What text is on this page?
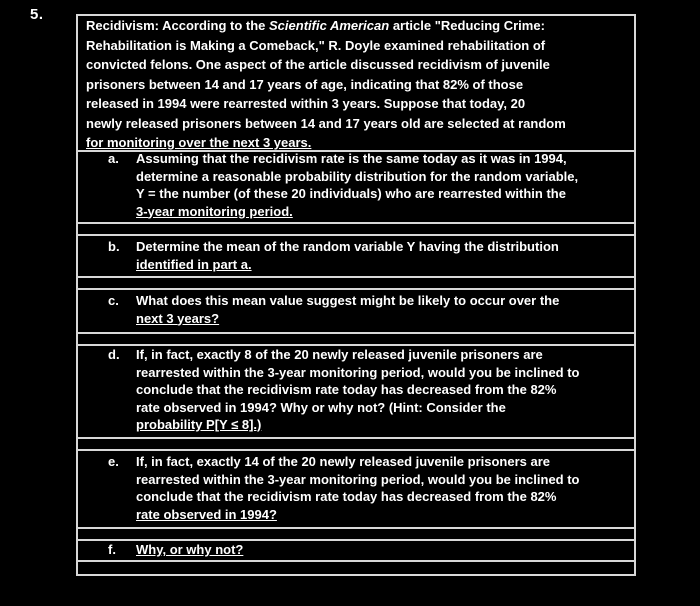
5.
Recidivism: According to the Scientific American article "Reducing Crime:
Rehabilitation is Making a Comeback," R. Doyle examined rehabilitation of
convicted felons. One aspect of the article discussed recidivism of juvenile
prisoners between 14 and 17 years of age, indicating that 82% of those
released in 1994 were rearrested within 3 years. Suppose that today, 20
newly released prisoners between 14 and 17 years old are selected at random
for monitoring over the next 3 years.
a.	Assuming that the recidivism rate is the same today as it was in 1994,
determine a reasonable probability distribution for the random variable,
Y = the number (of these 20 individuals) who are rearrested within the
3-year monitoring period.
b.	Determine the mean of the random variable Y having the distribution
identified in part a.
c.	What does this mean value suggest might be likely to occur over the
next 3 years?
d.	If, in fact, exactly 8 of the 20 newly released juvenile prisoners are
rearrested within the 3-year monitoring period, would you be inclined to
conclude that the recidivism rate today has decreased from the 82%
rate observed in 1994? Why or why not? (Hint: Consider the
probability P[Y ≤ 8].)
e.	If, in fact, exactly 14 of the 20 newly released juvenile prisoners are
rearrested within the 3-year monitoring period, would you be inclined to
conclude that the recidivism rate today has decreased from the 82%
rate observed in 1994?
f.	Why, or why not?
